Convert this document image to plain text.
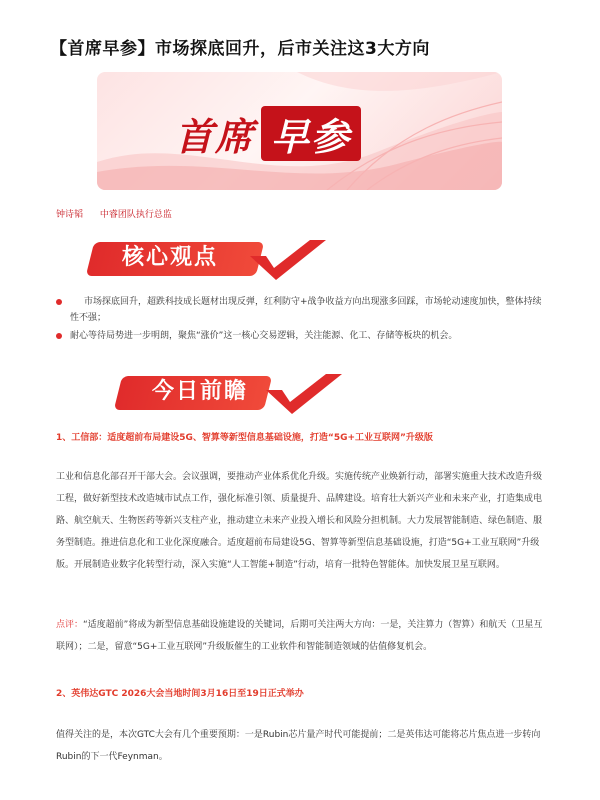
【首席早参】市场探底回升，后市关注这3大方向
首席 早参
钟诗韬 中睿团队执行总监
核心观点
市场探底回升，超跌科技成长题材出现反弹，红利防守+战争收益方向出现涨多回踩，市场轮动速度加快，整体持续性不强；
耐心等待局势进一步明朗，聚焦“涨价”这一核心交易逻辑，关注能源、化工、存储等板块的机会。
今日前瞻
1、工信部：适度超前布局建设5G、智算等新型信息基础设施，打造“5G+工业互联网”升级版
工业和信息化部召开干部大会。会议强调，要推动产业体系优化升级。实施传统产业焕新行动，部署实施重大技术改造升级工程，做好新型技术改造城市试点工作，强化标准引领、质量提升、品牌建设。培育壮大新兴产业和未来产业，打造集成电路、航空航天、生物医药等新兴支柱产业，推动建立未来产业投入增长和风险分担机制。大力发展智能制造、绿色制造、服务型制造。推进信息化和工业化深度融合。适度超前布局建设5G、智算等新型信息基础设施，打造“5G+工业互联网”升级版。开展制造业数字化转型行动，深入实施“人工智能+制造”行动，培育一批特色智能体。加快发展卫星互联网。
点评：“适度超前”将成为新型信息基础设施建设的关键词，后期可关注两大方向：一是，关注算力（智算）和航天（卫星互联网）；二是，留意“5G+工业互联网”升级版催生的工业软件和智能制造领域的估值修复机会。
2、英伟达GTC 2026大会当地时间3月16日至19日正式举办
值得关注的是，本次GTC大会有几个重要预期：一是Rubin芯片量产时代可能提前；二是英伟达可能将芯片焦点进一步转向Rubin的下一代Feynman。
